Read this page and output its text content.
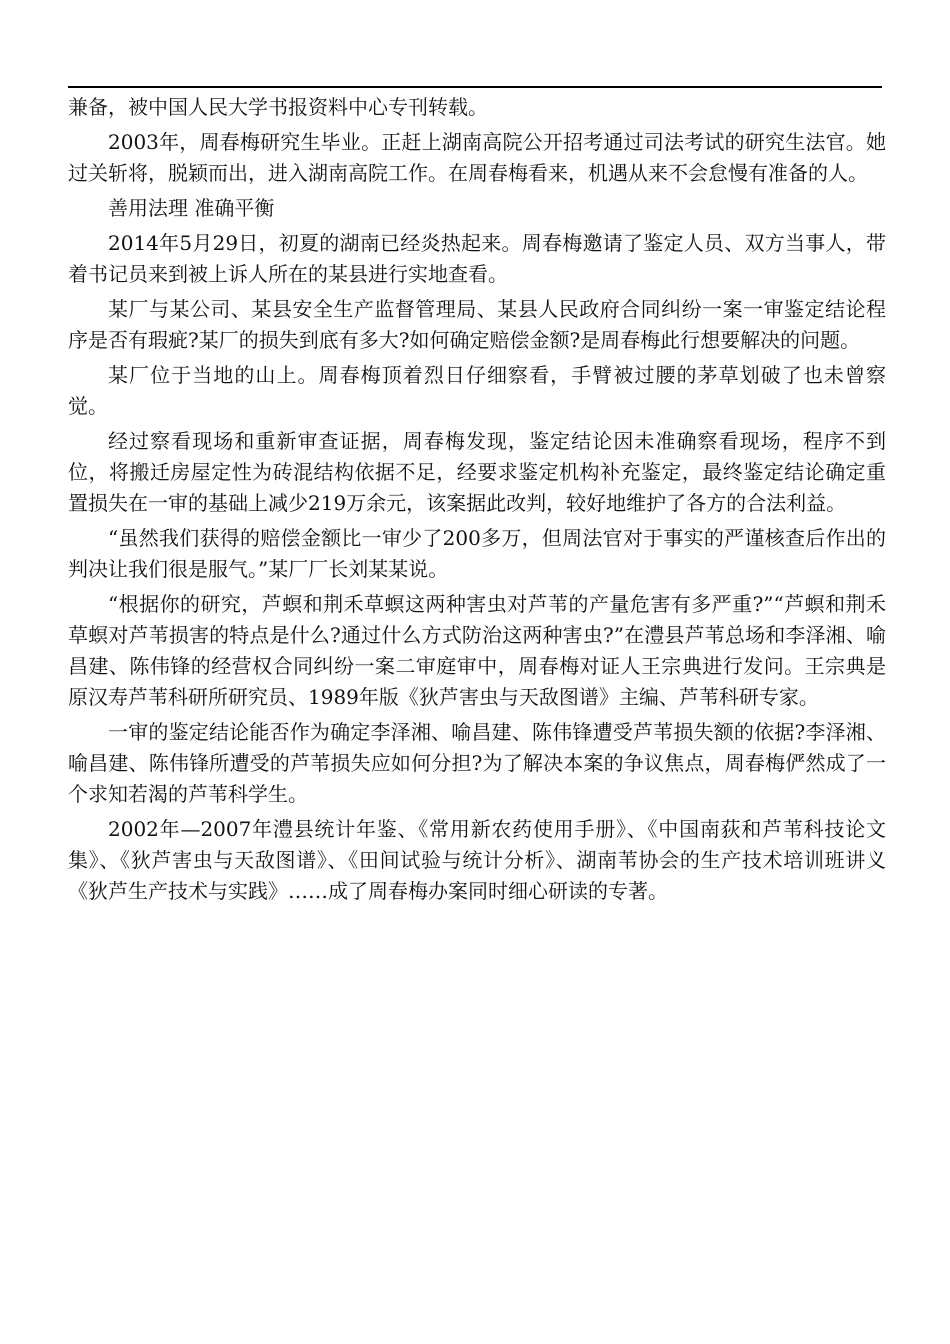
兼备，被中国人民大学书报资料中心专刊转载。

2003年，周春梅研究生毕业。正赶上湖南高院公开招考通过司法考试的研究生法官。她过关斩将，脱颖而出，进入湖南高院工作。在周春梅看来，机遇从来不会怠慢有准备的人。

善用法理 准确平衡

2014年5月29日，初夏的湖南已经炎热起来。周春梅邀请了鉴定人员、双方当事人，带着书记员来到被上诉人所在的某县进行实地查看。

某厂与某公司、某县安全生产监督管理局、某县人民政府合同纠纷一案一审鉴定结论程序是否有瑕疵?某厂的损失到底有多大?如何确定赔偿金额?是周春梅此行想要解决的问题。

某厂位于当地的山上。周春梅顶着烈日仔细察看，手臂被过腰的茅草划破了也未曾察觉。

经过察看现场和重新审查证据，周春梅发现，鉴定结论因未准确察看现场，程序不到位，将搬迁房屋定性为砖混结构依据不足，经要求鉴定机构补充鉴定，最终鉴定结论确定重置损失在一审的基础上减少219万余元，该案据此改判，较好地维护了各方的合法利益。

“虽然我们获得的赔偿金额比一审少了200多万，但周法官对于事实的严谨核查后作出的判决让我们很是服气。”某厂厂长刘某某说。

“根据你的研究，芦螟和荆禾草螟这两种害虫对芦苇的产量危害有多严重?”“芦螟和荆禾草螟对芦苇损害的特点是什么?通过什么方式防治这两种害虫?”在澧县芦苇总场和李泽湘、喻昌建、陈伟锋的经营权合同纠纷一案二审庭审中，周春梅对证人王宗典进行发问。王宗典是原汉寿芦苇科研所研究员、1989年版《狄芦害虫与天敌图谱》主编、芦苇科研专家。

一审的鉴定结论能否作为确定李泽湘、喻昌建、陈伟锋遭受芦苇损失额的依据?李泽湘、喻昌建、陈伟锋所遭受的芦苇损失应如何分担?为了解决本案的争议焦点，周春梅俨然成了一个求知若渴的芦苇科学生。

2002年—2007年澧县统计年鉴、《常用新农药使用手册》、《中国南荻和芦苇科技论文集》、《狄芦害虫与天敌图谱》、《田间试验与统计分析》、湖南苇协会的生产技术培训班讲义《狄芦生产技术与实践》……成了周春梅办案同时细心研读的专著。
